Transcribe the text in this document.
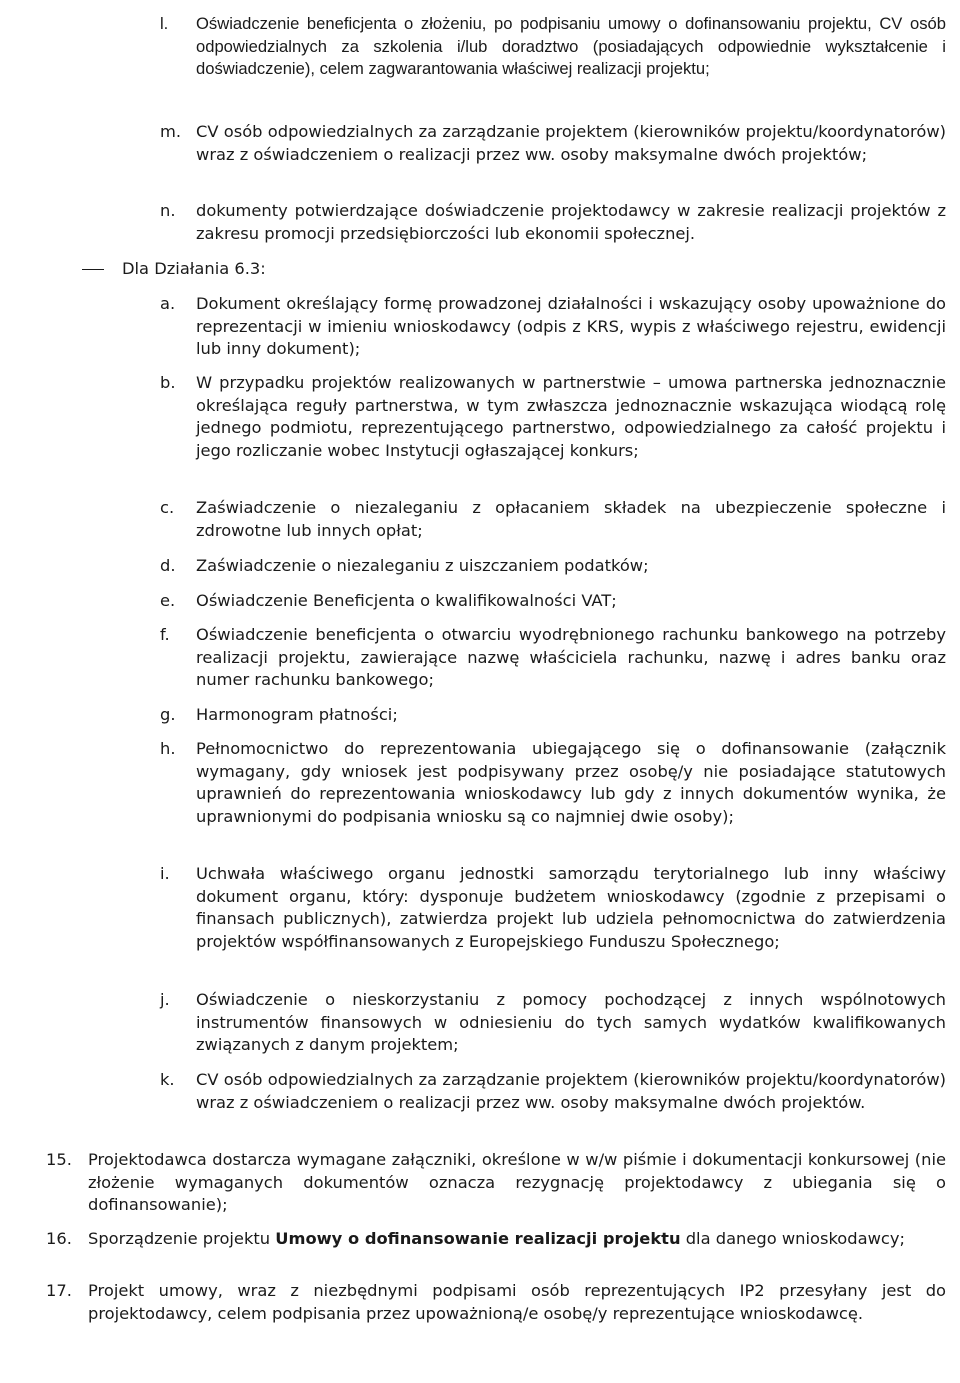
l.	Oświadczenie beneficjenta o złożeniu, po podpisaniu umowy o dofinansowaniu projektu, CV osób odpowiedzialnych za szkolenia i/lub doradztwo (posiadających odpowiednie wykształcenie i doświadczenie), celem zagwarantowania właściwej realizacji projektu;
m. CV osób odpowiedzialnych za zarządzanie projektem (kierowników projektu/koordynatorów) wraz z oświadczeniem o realizacji przez ww. osoby maksymalne dwóch projektów;
n.	dokumenty potwierdzające doświadczenie projektodawcy w zakresie realizacji projektów z zakresu promocji przedsiębiorczości lub ekonomii społecznej.
Dla Działania 6.3:
a.	Dokument określający formę prowadzonej działalności i wskazujący osoby upoważnione do reprezentacji w imieniu wnioskodawcy (odpis z KRS, wypis z właściwego rejestru, ewidencji lub inny dokument);
b.	W przypadku projektów realizowanych w partnerstwie – umowa partnerska jednoznacznie określająca reguły partnerstwa, w tym zwłaszcza jednoznacznie wskazująca wiodącą rolę jednego podmiotu, reprezentującego partnerstwo, odpowiedzialnego za całość projektu i jego rozliczanie wobec Instytucji ogłaszającej konkurs;
c.	Zaświadczenie o niezaleganiu z opłacaniem składek na ubezpieczenie społeczne i zdrowotne lub innych opłat;
d.	Zaświadczenie o niezaleganiu z uiszczaniem podatków;
e.	Oświadczenie Beneficjenta o kwalifikowalności VAT;
f.	Oświadczenie beneficjenta o otwarciu wyodrębnionego rachunku bankowego na potrzeby realizacji projektu, zawierające nazwę właściciela rachunku, nazwę i adres banku oraz numer rachunku bankowego;
g.	Harmonogram płatności;
h.	Pełnomocnictwo do reprezentowania ubiegającego się o dofinansowanie (załącznik wymagany, gdy wniosek jest podpisywany przez osobę/y nie posiadające statutowych uprawnień do reprezentowania wnioskodawcy lub gdy z innych dokumentów wynika, że uprawnionymi do podpisania wniosku są co najmniej dwie osoby);
i.	Uchwała właściwego organu jednostki samorządu terytorialnego lub inny właściwy dokument organu, który: dysponuje budżetem wnioskodawcy (zgodnie z przepisami o finansach publicznych), zatwierdza projekt lub udziela pełnomocnictwa do zatwierdzenia projektów współfinansowanych z Europejskiego Funduszu Społecznego;
j.	Oświadczenie o nieskorzystaniu z pomocy pochodzącej z innych wspólnotowych instrumentów finansowych w odniesieniu do tych samych wydatków kwalifikowanych związanych z danym projektem;
k.	CV osób odpowiedzialnych za zarządzanie projektem (kierowników projektu/koordynatorów) wraz z oświadczeniem o realizacji przez ww. osoby maksymalne dwóch projektów.
15. Projektodawca dostarcza wymagane załączniki, określone w w/w piśmie i dokumentacji konkursowej (nie złożenie wymaganych dokumentów oznacza rezygnację projektodawcy z ubiegania się o dofinansowanie);
16. Sporządzenie projektu Umowy o dofinansowanie realizacji projektu dla danego wnioskodawcy;
17. Projekt umowy, wraz z niezbędnymi podpisami osób reprezentujących IP2 przesyłany jest do projektodawcy, celem podpisania przez upoważnioną/e osobę/y reprezentujące wnioskodawcę.
